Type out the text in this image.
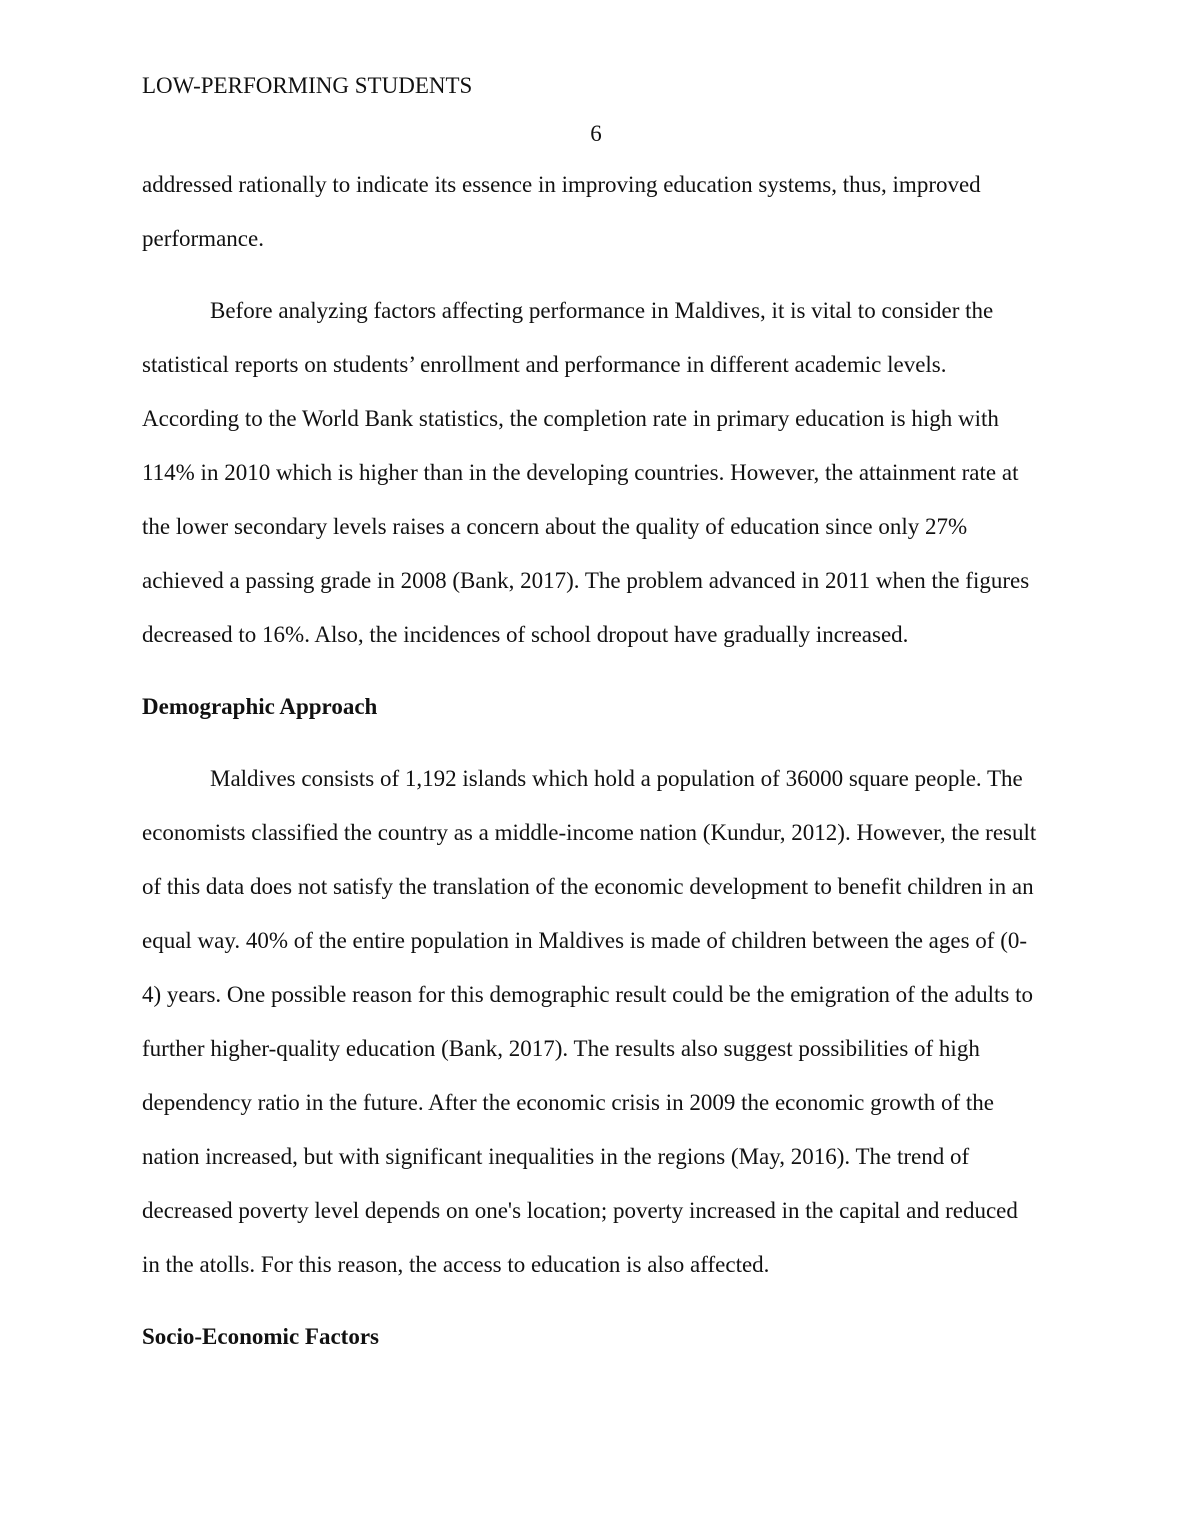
LOW-PERFORMING STUDENTS
6
addressed rationally to indicate its essence in improving education systems, thus, improved
performance.
Before analyzing factors affecting performance in Maldives, it is vital to consider the
statistical reports on students’ enrollment and performance in different academic levels.
According to the World Bank statistics, the completion rate in primary education is high with
114% in 2010 which is higher than in the developing countries. However, the attainment rate at
the lower secondary levels raises a concern about the quality of education since only 27%
achieved a passing grade in 2008 (Bank, 2017). The problem advanced in 2011 when the figures
decreased to 16%. Also, the incidences of school dropout have gradually increased.
Demographic Approach
Maldives consists of 1,192 islands which hold a population of 36000 square people. The
economists classified the country as a middle-income nation (Kundur, 2012). However, the result
of this data does not satisfy the translation of the economic development to benefit children in an
equal way. 40% of the entire population in Maldives is made of children between the ages of (0-
4) years. One possible reason for this demographic result could be the emigration of the adults to
further higher-quality education (Bank, 2017). The results also suggest possibilities of high
dependency ratio in the future. After the economic crisis in 2009 the economic growth of the
nation increased, but with significant inequalities in the regions (May, 2016). The trend of
decreased poverty level depends on one's location; poverty increased in the capital and reduced
in the atolls. For this reason, the access to education is also affected.
Socio-Economic Factors
